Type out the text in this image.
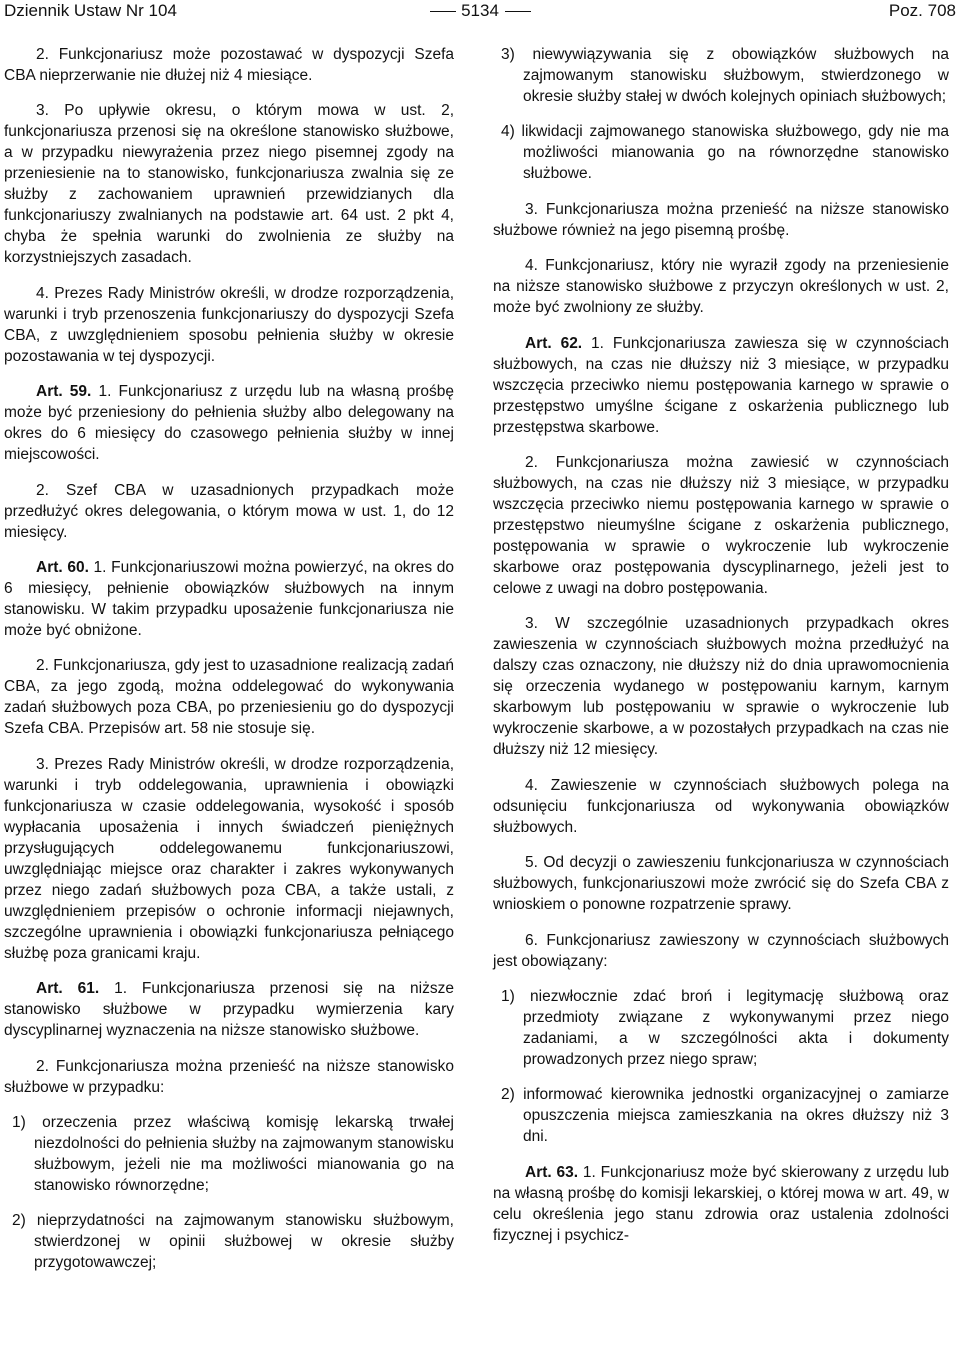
Dziennik Ustaw Nr 104	5134	Poz. 708

2. Funkcjonariusz może pozostawać w dyspozycji Szefa CBA nieprzerwanie nie dłużej niż 4 miesiące.

3. Po upływie okresu, o którym mowa w ust. 2, funkcjonariusza przenosi się na określone stanowisko służbowe, a w przypadku niewyrażenia przez niego pisemnej zgody na przeniesienie na to stanowisko, funkcjonariusza zwalnia się ze służby z zachowaniem uprawnień przewidzianych dla funkcjonariuszy zwalnianych na podstawie art. 64 ust. 2 pkt 4, chyba że spełnia warunki do zwolnienia ze służby na korzystniejszych zasadach.

4. Prezes Rady Ministrów określi, w drodze rozporządzenia, warunki i tryb przenoszenia funkcjonariuszy do dyspozycji Szefa CBA, z uwzględnieniem sposobu pełnienia służby w okresie pozostawania w tej dyspozycji.

Art. 59. 1. Funkcjonariusz z urzędu lub na własną prośbę może być przeniesiony do pełnienia służby albo delegowany na okres do 6 miesięcy do czasowego pełnienia służby w innej miejscowości.

2. Szef CBA w uzasadnionych przypadkach może przedłużyć okres delegowania, o którym mowa w ust. 1, do 12 miesięcy.

Art. 60. 1. Funkcjonariuszowi można powierzyć, na okres do 6 miesięcy, pełnienie obowiązków służbowych na innym stanowisku. W takim przypadku uposażenie funkcjonariusza nie może być obniżone.

2. Funkcjonariusza, gdy jest to uzasadnione realizacją zadań CBA, za jego zgodą, można oddelegować do wykonywania zadań służbowych poza CBA, po przeniesieniu go do dyspozycji Szefa CBA. Przepisów art. 58 nie stosuje się.

3. Prezes Rady Ministrów określi, w drodze rozporządzenia, warunki i tryb oddelegowania, uprawnienia i obowiązki funkcjonariusza w czasie oddelegowania, wysokość i sposób wypłacania uposażenia i innych świadczeń pieniężnych przysługujących oddelegowanemu funkcjonariuszowi, uwzględniając miejsce oraz charakter i zakres wykonywanych przez niego zadań służbowych poza CBA, a także ustali, z uwzględnieniem przepisów o ochronie informacji niejawnych, szczególne uprawnienia i obowiązki funkcjonariusza pełniącego służbę poza granicami kraju.

Art. 61. 1. Funkcjonariusza przenosi się na niższe stanowisko służbowe w przypadku wymierzenia kary dyscyplinarnej wyznaczenia na niższe stanowisko służbowe.

2. Funkcjonariusza można przenieść na niższe stanowisko służbowe w przypadku:

1) orzeczenia przez właściwą komisję lekarską trwałej niezdolności do pełnienia służby na zajmowanym stanowisku służbowym, jeżeli nie ma możliwości mianowania go na stanowisko równorzędne;

2) nieprzydatności na zajmowanym stanowisku służbowym, stwierdzonej w opinii służbowej w okresie służby przygotowawczej;

3) niewywiązywania się z obowiązków służbowych na zajmowanym stanowisku służbowym, stwierdzonego w okresie służby stałej w dwóch kolejnych opiniach służbowych;

4) likwidacji zajmowanego stanowiska służbowego, gdy nie ma możliwości mianowania go na równorzędne stanowisko służbowe.

3. Funkcjonariusza można przenieść na niższe stanowisko służbowe również na jego pisemną prośbę.

4. Funkcjonariusz, który nie wyraził zgody na przeniesienie na niższe stanowisko służbowe z przyczyn określonych w ust. 2, może być zwolniony ze służby.

Art. 62. 1. Funkcjonariusza zawiesza się w czynnościach służbowych, na czas nie dłuższy niż 3 miesiące, w przypadku wszczęcia przeciwko niemu postępowania karnego w sprawie o przestępstwo umyślne ścigane z oskarżenia publicznego lub przestępstwa skarbowe.

2. Funkcjonariusza można zawiesić w czynnościach służbowych, na czas nie dłuższy niż 3 miesiące, w przypadku wszczęcia przeciwko niemu postępowania karnego w sprawie o przestępstwo nieumyślne ścigane z oskarżenia publicznego, postępowania w sprawie o wykroczenie lub wykroczenie skarbowe oraz postępowania dyscyplinarnego, jeżeli jest to celowe z uwagi na dobro postępowania.

3. W szczególnie uzasadnionych przypadkach okres zawieszenia w czynnościach służbowych można przedłużyć na dalszy czas oznaczony, nie dłuższy niż do dnia uprawomocnienia się orzeczenia wydanego w postępowaniu karnym, karnym skarbowym lub postępowaniu w sprawie o wykroczenie lub wykroczenie skarbowe, a w pozostałych przypadkach na czas nie dłuższy niż 12 miesięcy.

4. Zawieszenie w czynnościach służbowych polega na odsunięciu funkcjonariusza od wykonywania obowiązków służbowych.

5. Od decyzji o zawieszeniu funkcjonariusza w czynnościach służbowych, funkcjonariuszowi może zwrócić się do Szefa CBA z wnioskiem o ponowne rozpatrzenie sprawy.

6. Funkcjonariusz zawieszony w czynnościach służbowych jest obowiązany:

1) niezwłocznie zdać broń i legitymację służbową oraz przedmioty związane z wykonywanymi przez niego zadaniami, a w szczególności akta i dokumenty prowadzonych przez niego spraw;

2) informować kierownika jednostki organizacyjnej o zamiarze opuszczenia miejsca zamieszkania na okres dłuższy niż 3 dni.

Art. 63. 1. Funkcjonariusz może być skierowany z urzędu lub na własną prośbę do komisji lekarskiej, o której mowa w art. 49, w celu określenia jego stanu zdrowia oraz ustalenia zdolności fizycznej i psychicz-
